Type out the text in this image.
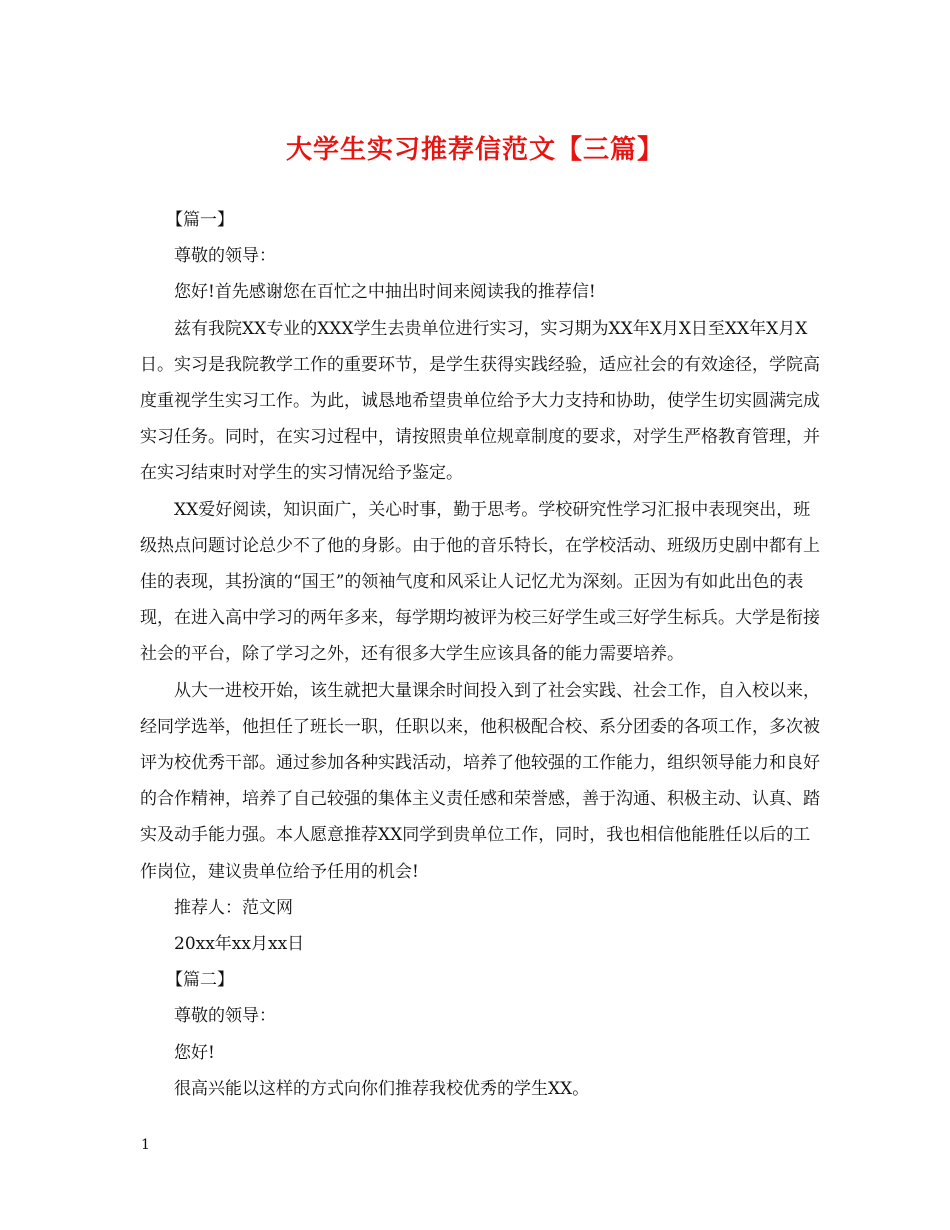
大学生实习推荐信范文【三篇】

【篇一】

尊敬的领导：

您好!首先感谢您在百忙之中抽出时间来阅读我的推荐信!

兹有我院XX专业的XXX学生去贵单位进行实习，实习期为XX年X月X日至XX年X月X日。实习是我院教学工作的重要环节，是学生获得实践经验，适应社会的有效途径，学院高度重视学生实习工作。为此，诚恳地希望贵单位给予大力支持和协助，使学生切实圆满完成实习任务。同时，在实习过程中，请按照贵单位规章制度的要求，对学生严格教育管理，并在实习结束时对学生的实习情况给予鉴定。

XX爱好阅读，知识面广，关心时事，勤于思考。学校研究性学习汇报中表现突出，班级热点问题讨论总少不了他的身影。由于他的音乐特长，在学校活动、班级历史剧中都有上佳的表现，其扮演的“国王”的领袖气度和风采让人记忆尤为深刻。正因为有如此出色的表现，在进入高中学习的两年多来，每学期均被评为校三好学生或三好学生标兵。大学是衔接社会的平台，除了学习之外，还有很多大学生应该具备的能力需要培养。

从大一进校开始，该生就把大量课余时间投入到了社会实践、社会工作，自入校以来，经同学选举，他担任了班长一职，任职以来，他积极配合校、系分团委的各项工作，多次被评为校优秀干部。通过参加各种实践活动，培养了他较强的工作能力，组织领导能力和良好的合作精神，培养了自己较强的集体主义责任感和荣誉感，善于沟通、积极主动、认真、踏实及动手能力强。本人愿意推荐XX同学到贵单位工作，同时，我也相信他能胜任以后的工作岗位，建议贵单位给予任用的机会!

推荐人：范文网

20xx年xx月xx日

【篇二】

尊敬的领导：

您好!

很高兴能以这样的方式向你们推荐我校优秀的学生XX。

1
